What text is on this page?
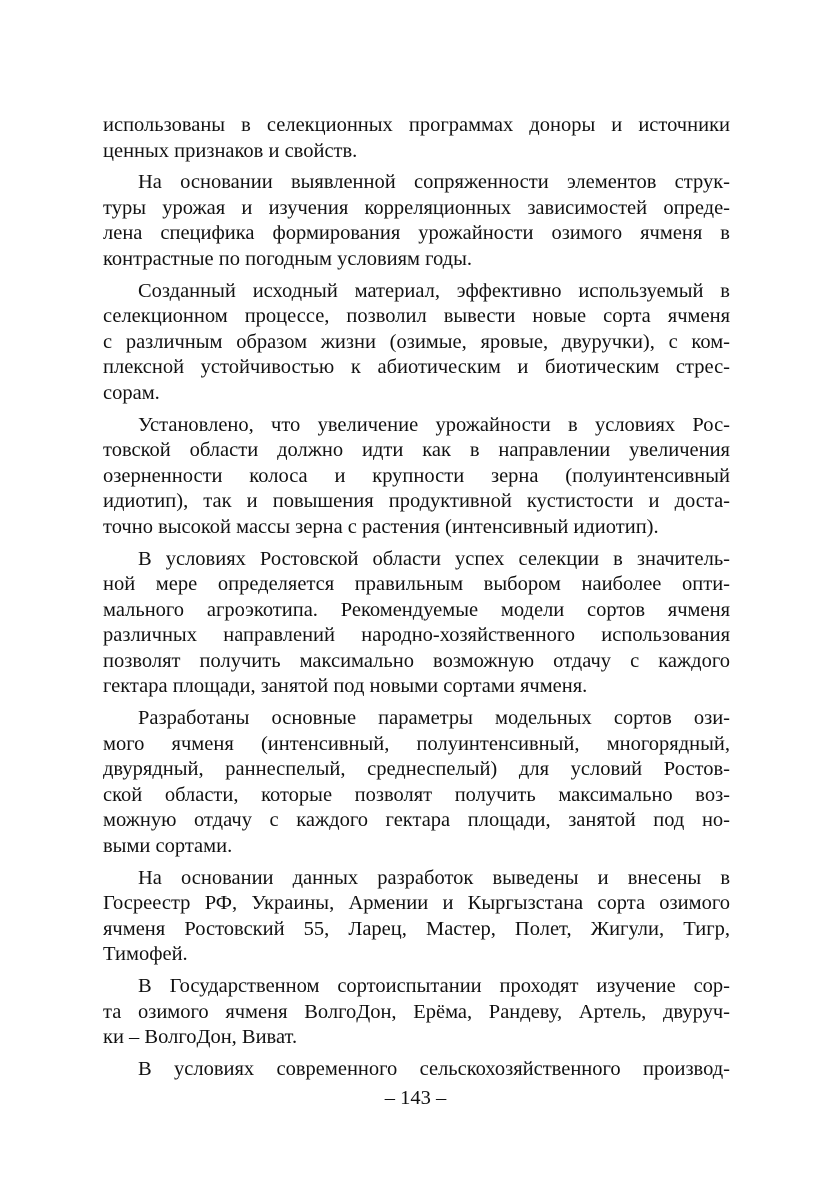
использованы в селекционных программах доноры и источники
ценных признаков и свойств.
На основании выявленной сопряженности элементов струк-
туры урожая и изучения корреляционных зависимостей опреде-
лена специфика формирования урожайности озимого ячменя в
контрастные по погодным условиям годы.
Созданный исходный материал, эффективно используемый в
селекционном процессе, позволил вывести новые сорта ячменя
с различным образом жизни (озимые, яровые, двуручки), с ком-
плексной устойчивостью к абиотическим и биотическим стрес-
сорам.
Установлено, что увеличение урожайности в условиях Рос-
товской области должно идти как в направлении увеличения
озерненности колоса и крупности зерна (полуинтенсивный
идиотип), так и повышения продуктивной кустистости и доста-
точно высокой массы зерна с растения (интенсивный идиотип).
В условиях Ростовской области успех селекции в значитель-
ной мере определяется правильным выбором наиболее опти-
мального агроэкотипа. Рекомендуемые модели сортов ячменя
различных направлений народно-хозяйственного использования
позволят получить максимально возможную отдачу с каждого
гектара площади, занятой под новыми сортами ячменя.
Разработаны основные параметры модельных сортов ози-
мого ячменя (интенсивный, полуинтенсивный, многорядный,
двурядный, раннеспелый, среднеспелый) для условий Ростов-
ской области, которые позволят получить максимально воз-
можную отдачу с каждого гектара площади, занятой под но-
выми сортами.
На основании данных разработок выведены и внесены в
Госреестр РФ, Украины, Армении и Кыргызстана сорта озимого
ячменя Ростовский 55, Ларец, Мастер, Полет, Жигули, Тигр,
Тимофей.
В Государственном сортоиспытании проходят изучение сор-
та озимого ячменя ВолгоДон, Ерёма, Рандеву, Артель, двуруч-
ки – ВолгоДон, Виват.
В условиях современного сельскохозяйственного производ-
– 143 –
